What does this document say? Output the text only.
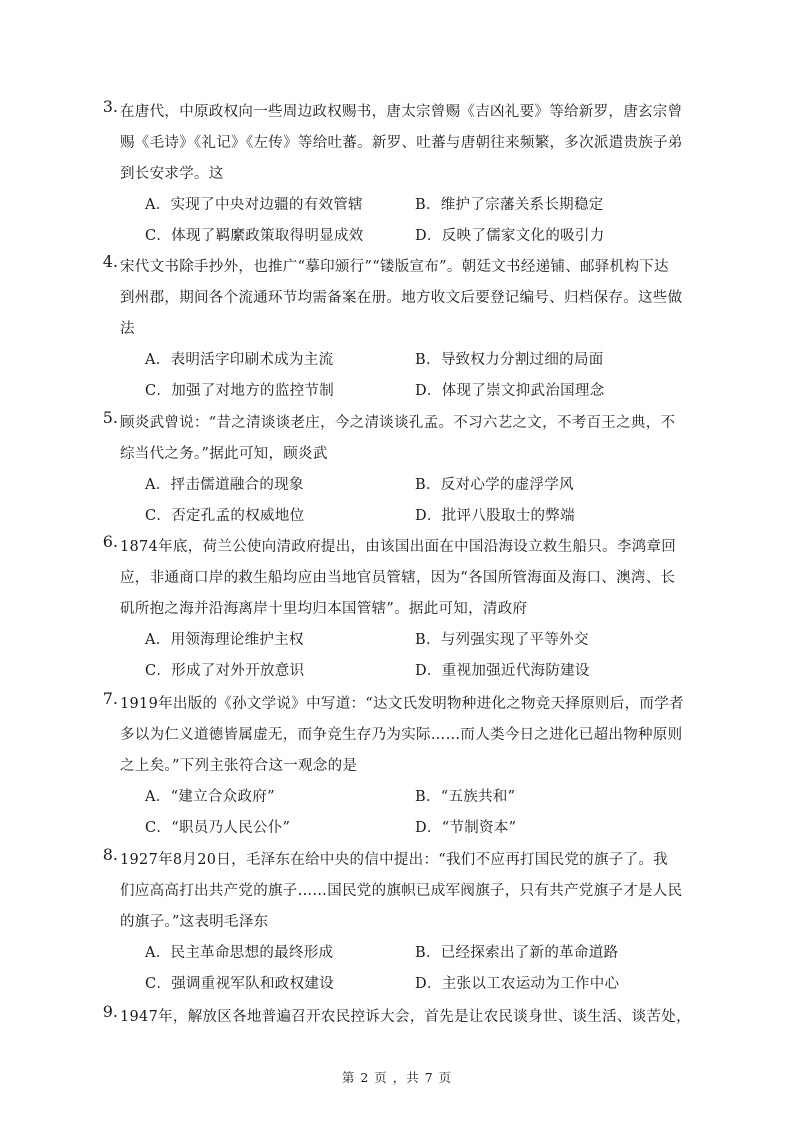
3. 在唐代，中原政权向一些周边政权赐书，唐太宗曾赐《吉凶礼要》等给新罗，唐玄宗曾
赐《毛诗》《礼记》《左传》等给吐蕃。新罗、吐蕃与唐朝往来频繁，多次派遣贵族子弟
到长安求学。这
A．实现了中央对边疆的有效管辖	B．维护了宗藩关系长期稳定
C．体现了羁縻政策取得明显成效	D．反映了儒家文化的吸引力
4. 宋代文书除手抄外，也推广“摹印颁行”“镂版宣布”。朝廷文书经递铺、邮驿机构下达
到州郡，期间各个流通环节均需备案在册。地方收文后要登记编号、归档保存。这些做
法
A．表明活字印刷术成为主流	B．导致权力分割过细的局面
C．加强了对地方的监控节制	D．体现了崇文抑武治国理念
5. 顾炎武曾说：“昔之清谈谈老庄，今之清谈谈孔孟。不习六艺之文，不考百王之典，不
综当代之务。”据此可知，顾炎武
A．抨击儒道融合的现象	B．反对心学的虚浮学风
C．否定孔孟的权威地位	D．批评八股取士的弊端
6. 1874年底，荷兰公使向清政府提出，由该国出面在中国沿海设立救生船只。李鸿章回
应，非通商口岸的救生船均应由当地官员管辖，因为“各国所管海面及海口、澳湾、长
矶所抱之海并沿海离岸十里均归本国管辖”。据此可知，清政府
A．用领海理论维护主权	B．与列强实现了平等外交
C．形成了对外开放意识	D．重视加强近代海防建设
7. 1919年出版的《孙文学说》中写道：“达文氏发明物种进化之物竞天择原则后，而学者
多以为仁义道德皆属虚无，而争竞生存乃为实际……而人类今日之进化已超出物种原则
之上矣。”下列主张符合这一观念的是
A．“建立合众政府”	B．“五族共和”
C．“职员乃人民公仆”	D．“节制资本”
8. 1927年8月20日，毛泽东在给中央的信中提出：“我们不应再打国民党的旗子了。我
们应高高打出共产党的旗子……国民党的旗帜已成军阀旗子，只有共产党旗子才是人民
的旗子。”这表明毛泽东
A．民主革命思想的最终形成	B．已经探索出了新的革命道路
C．强调重视军队和政权建设	D．主张以工农运动为工作中心
9. 1947年，解放区各地普遍召开农民控诉大会，首先是让农民谈身世、谈生活、谈苦处，
第 2 页 ，共 7 页
